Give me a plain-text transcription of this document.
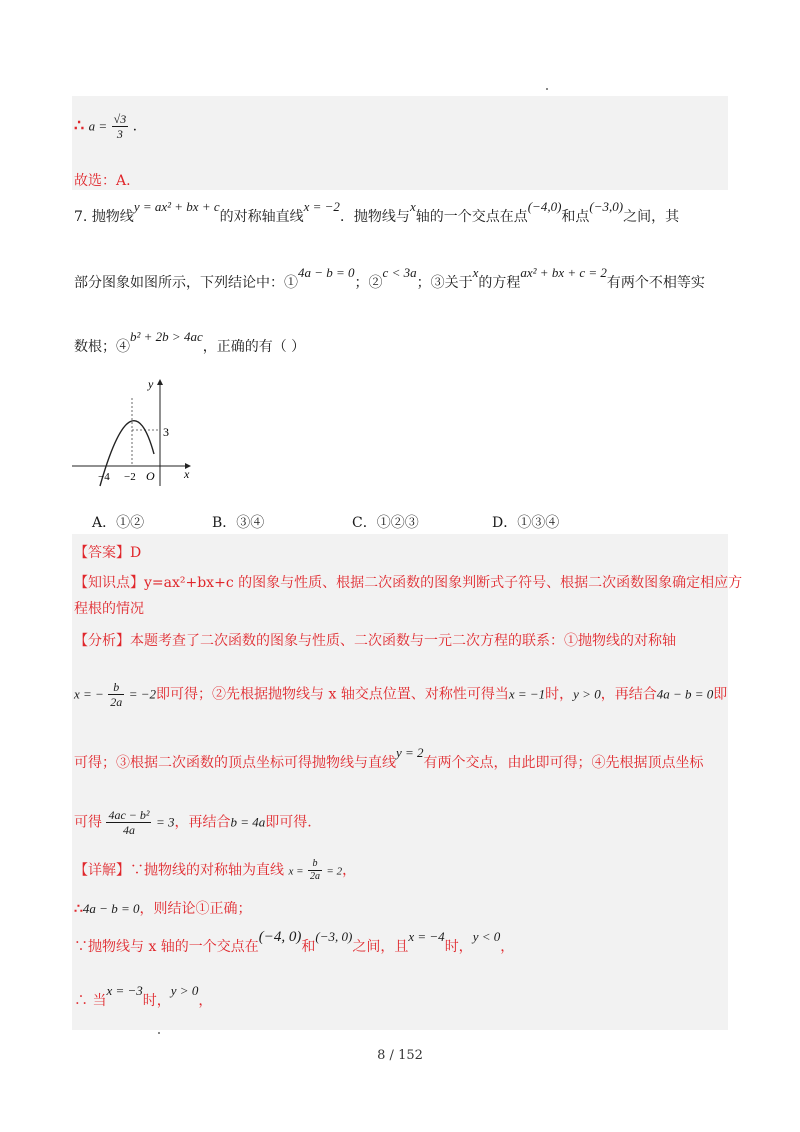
∴ $a = \frac{√3}{3}$ .
故选：A.
7. 抛物线y = ax² + bx + c的对称轴直线x = −2．抛物线与x轴的一个交点在点(−4,0)和点(−3,0)之间，其
部分图象如图所示，下列结论中：①4a − b = 0；②c < 3a；③关于x的方程ax² + bx + c = 2有两个不相等实
数根；④b² + 2b > 4ac，正确的有（ ）
y
x
O
3
−4 −2
A．①②	B．③④	C．①②③	D．①③④
【答案】D
【知识点】y=ax²+bx+c 的图象与性质、根据二次函数的图象判断式子符号、根据二次函数图象确定相应方
程根的情况
【分析】本题考查了二次函数的图象与性质、二次函数与一元二次方程的联系：①抛物线的对称轴
x = − $\frac{b}{2a} = -2$即可得；②先根据抛物线与 x 轴交点位置、对称性可得当x = −1时，y > 0，再结合4a − b = 0即
可得；③根据二次函数的顶点坐标可得抛物线与直线y = 2有两个交点，由此即可得；④先根据顶点坐标
可得 $\frac{\text{4ac − b²}}{4a} = 3$，再结合b = 4a即可得.
【详解】∵抛物线的对称轴为直线 $x = \frac{b}{2a} = 2$，
∴4a − b = 0，则结论①正确；
∵抛物线与 x 轴的一个交点在(−4, 0)和(−3, 0)之间，且x = −4时，y < 0，
∴ 当x = −3时，y > 0，
8 / 152
